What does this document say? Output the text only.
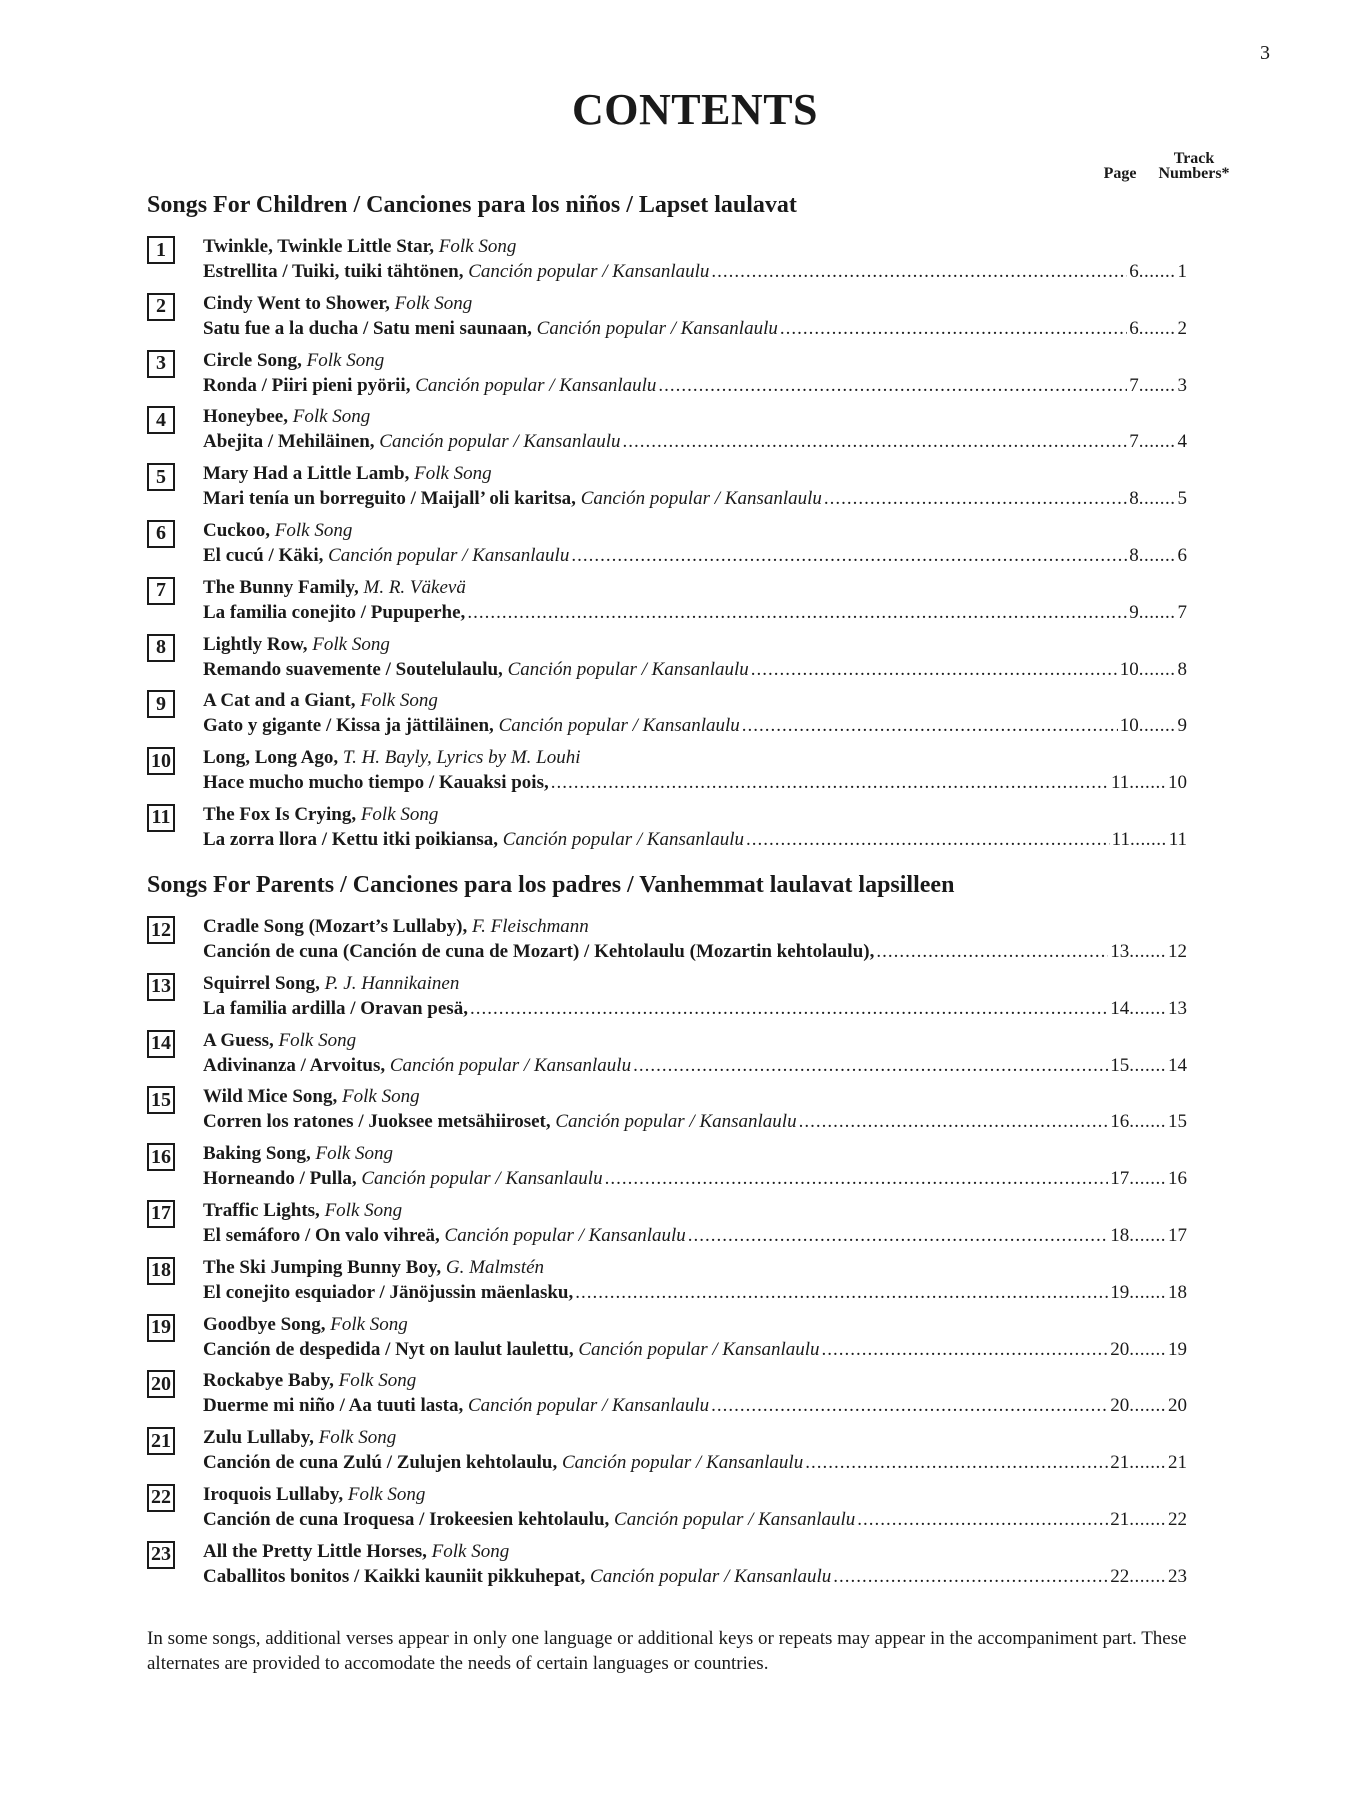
3
CONTENTS
Page
Track
Numbers*
Songs For Children / Canciones para los niños / Lapset laulavat
1	Twinkle, Twinkle Little Star, Folk Song
Estrellita / Tuiki, tuiki tähtönen, Canción popular / Kansanlaulu .....	6 ....... 1
2	Cindy Went to Shower, Folk Song
Satu fue a la ducha / Satu meni saunaan, Canción popular / Kansanlaulu .....	6 ....... 2
3	Circle Song, Folk Song
Ronda / Piiri pieni pyörii, Canción popular / Kansanlaulu .....	7 ....... 3
4	Honeybee, Folk Song
Abejita / Mehiläinen, Canción popular / Kansanlaulu .....	7 ....... 4
5	Mary Had a Little Lamb, Folk Song
Mari tenía un borreguito / Maijall’ oli karitsa, Canción popular / Kansanlaulu .....	8 ....... 5
6	Cuckoo, Folk Song
El cucú / Käki, Canción popular / Kansanlaulu .....	8 ....... 6
7	The Bunny Family, M. R. Väkevä
La familia conejito / Pupuperhe, .....	9 ....... 7
8	Lightly Row, Folk Song
Remando suavemente / Soutelulaulu, Canción popular / Kansanlaulu .....	10 ....... 8
9	A Cat and a Giant, Folk Song
Gato y gigante / Kissa ja jättiläinen, Canción popular / Kansanlaulu .....	10 ....... 9
10 Long, Long Ago, T. H. Bayly, Lyrics by M. Louhi
Hace mucho mucho tiempo / Kauaksi pois, .....	11 ....... 10
11 The Fox Is Crying, Folk Song
La zorra llora / Kettu itki poikiansa, Canción popular / Kansanlaulu .....	11 ....... 11
Songs For Parents / Canciones para los padres / Vanhemmat laulavat lapsilleen
12 Cradle Song (Mozart’s Lullaby), F. Fleischmann
Canción de cuna (Canción de cuna de Mozart) / Kehtolaulu (Mozartin kehtolaulu), .....	13 ....... 12
13 Squirrel Song, P. J. Hannikainen
La familia ardilla / Oravan pesä, .....	14 ....... 13
14 A Guess, Folk Song
Adivinanza / Arvoitus, Canción popular / Kansanlaulu .....	15 ....... 14
15 Wild Mice Song, Folk Song
Corren los ratones / Juoksee metsähiiroset, Canción popular / Kansanlaulu .....	16 ....... 15
16 Baking Song, Folk Song
Horneando / Pulla, Canción popular / Kansanlaulu .....	17 ....... 16
17 Traffic Lights, Folk Song
El semáforo / On valo vihreä, Canción popular / Kansanlaulu .....	18 ....... 17
18 The Ski Jumping Bunny Boy, G. Malmstén
El conejito esquiador / Jänöjussin mäenlasku, .....	19 ....... 18
19 Goodbye Song, Folk Song
Canción de despedida / Nyt on laulut laulettu, Canción popular / Kansanlaulu .....	20 ....... 19
20 Rockabye Baby, Folk Song
Duerme mi niño / Aa tuuti lasta, Canción popular / Kansanlaulu .....	20 ....... 20
21 Zulu Lullaby, Folk Song
Canción de cuna Zulú / Zulujen kehtolaulu, Canción popular / Kansanlaulu .....	21 ....... 21
22 Iroquois Lullaby, Folk Song
Canción de cuna Iroquesa / Irokeesien kehtolaulu, Canción popular / Kansanlaulu .....	21 ....... 22
23 All the Pretty Little Horses, Folk Song
Caballitos bonitos / Kaikki kauniit pikkuhepat, Canción popular / Kansanlaulu .....	22 ....... 23

In some songs, additional verses appear in only one language or additional keys or repeats may appear in the accompaniment part. These alternates are provided to accomodate the needs of certain languages or countries.
